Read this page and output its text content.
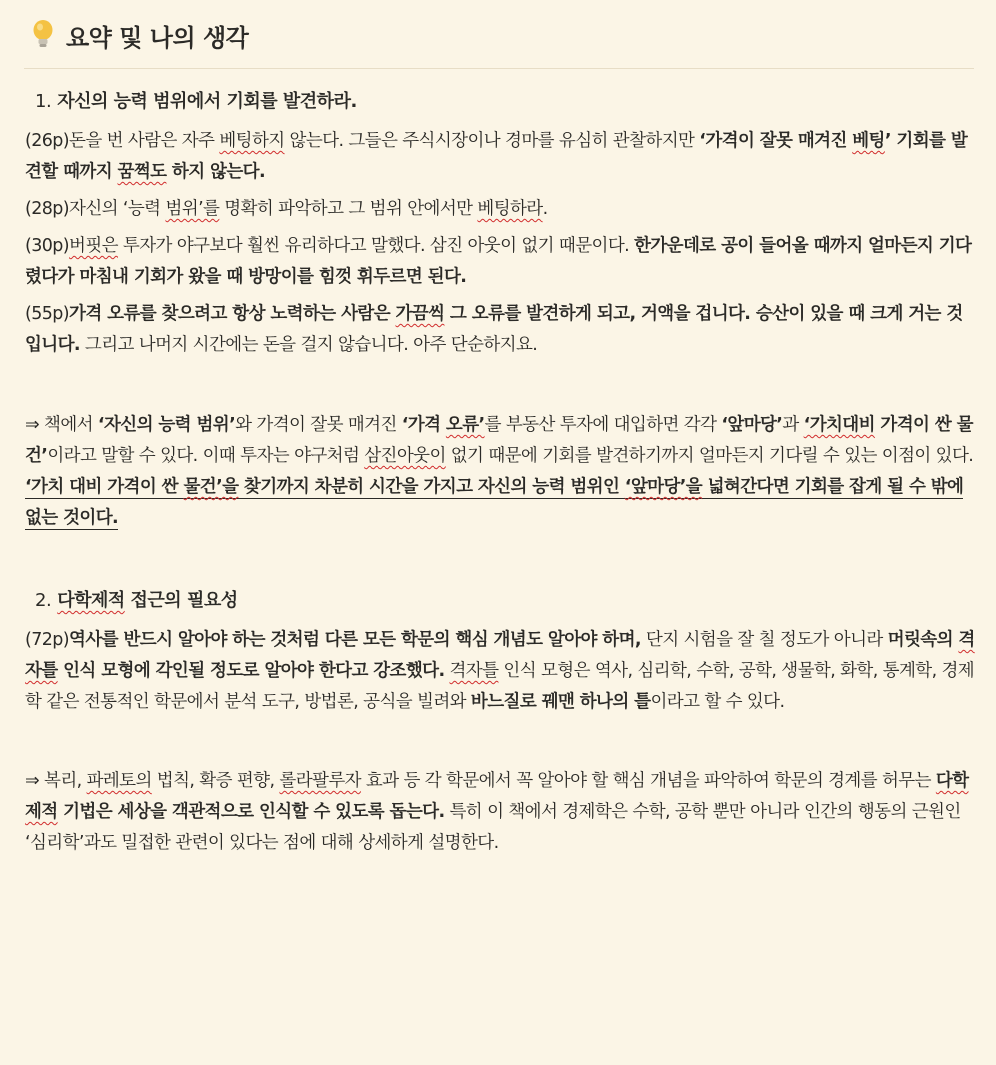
요약 및 나의 생각
1. 자신의 능력 범위에서 기회를 발견하라.

(26p)돈을 번 사람은 자주 베팅하지 않는다. 그들은 주식시장이나 경마를 유심히 관찰하지만 ‘가격이 잘못 매겨진 베팅’ 기회를 발견할 때까지 꿈쩍도 하지 않는다.

(28p)자신의 ‘능력 범위’를 명확히 파악하고 그 범위 안에서만 베팅하라.

(30p)버핏은 투자가 야구보다 훨씬 유리하다고 말했다. 삼진 아웃이 없기 때문이다. 한가운데로 공이 들어올 때까지 얼마든지 기다렸다가 마침내 기회가 왔을 때 방망이를 힘껏 휘두르면 된다.

(55p)가격 오류를 찾으려고 항상 노력하는 사람은 가끔씩 그 오류를 발견하게 되고, 거액을 겁니다. 승산이 있을 때 크게 거는 것입니다. 그리고 나머지 시간에는 돈을 걸지 않습니다. 아주 단순하지요.

⇒ 책에서 ‘자신의 능력 범위’와 가격이 잘못 매겨진 ‘가격 오류’를 부동산 투자에 대입하면 각각 ‘앞마당’과 ‘가치대비 가격이 싼 물건’이라고 말할 수 있다. 이때 투자는 야구처럼 삼진아웃이 없기 때문에 기회를 발견하기까지 얼마든지 기다릴 수 있는 이점이 있다. ‘가치 대비 가격이 싼 물건’을 찾기까지 차분히 시간을 가지고 자신의 능력 범위인 ‘앞마당’을 넓혀간다면 기회를 잡게 될 수 밖에 없는 것이다.

2. 다학제적 접근의 필요성

(72p)역사를 반드시 알아야 하는 것처럼 다른 모든 학문의 핵심 개념도 알아야 하며, 단지 시험을 잘 칠 정도가 아니라 머릿속의 격자틀 인식 모형에 각인될 정도로 알아야 한다고 강조했다. 격자틀 인식 모형은 역사, 심리학, 수학, 공학, 생물학, 화학, 통계학, 경제학 같은 전통적인 학문에서 분석 도구, 방법론, 공식을 빌려와 바느질로 꿰맨 하나의 틀이라고 할 수 있다.

⇒ 복리, 파레토의 법칙, 확증 편향, 롤라팔루자 효과 등 각 학문에서 꼭 알아야 할 핵심 개념을 파악하여 학문의 경계를 허무는 다학제적 기법은 세상을 객관적으로 인식할 수 있도록 돕는다. 특히 이 책에서 경제학은 수학, 공학 뿐만 아니라 인간의 행동의 근원인 ‘심리학’과도 밀접한 관련이 있다는 점에 대해 상세하게 설명한다.
